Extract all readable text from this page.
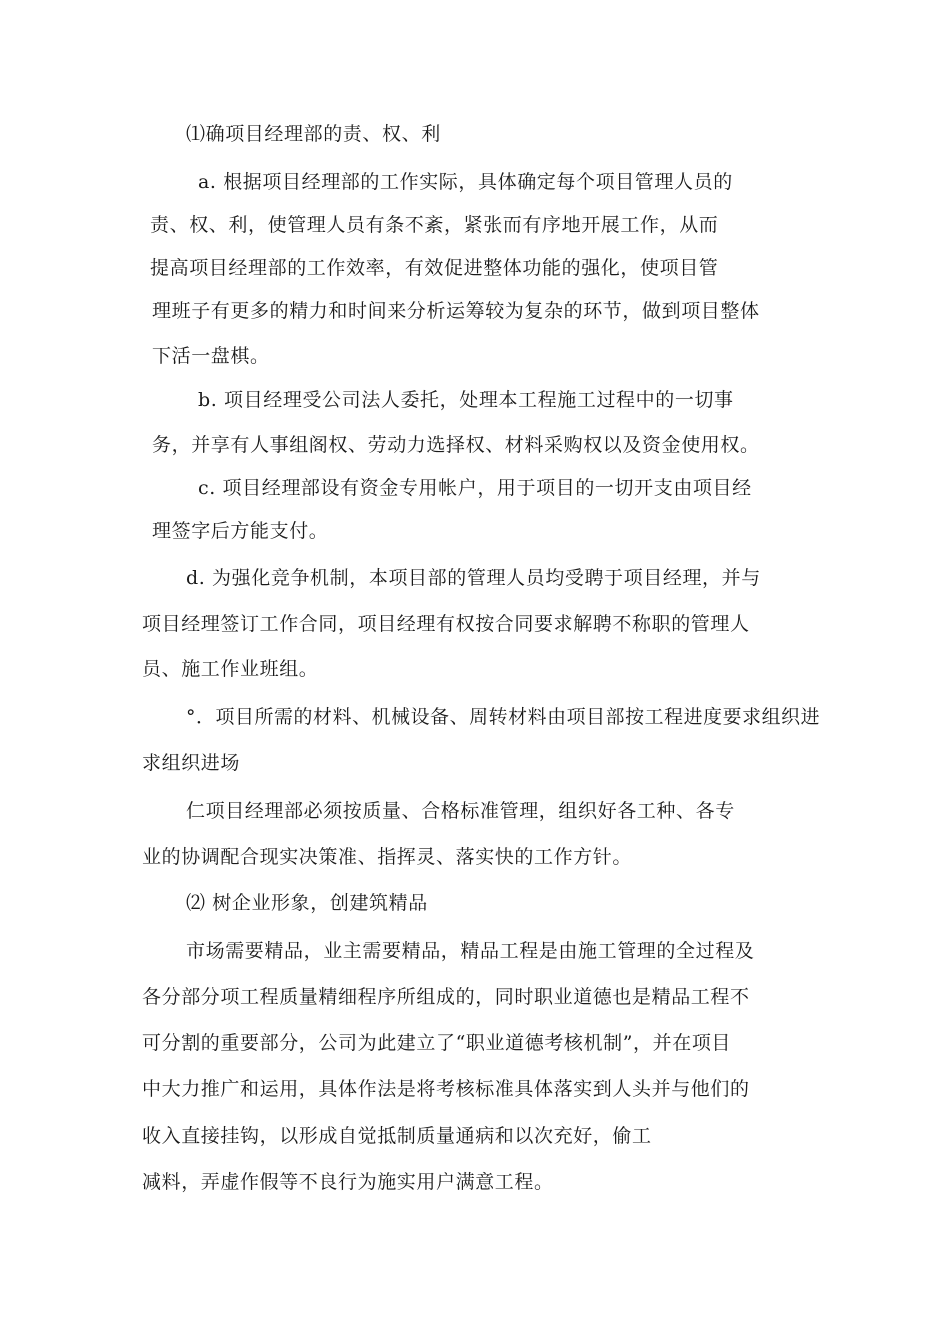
⑴确项目经理部的责、权、利
a. 根据项目经理部的工作实际，具体确定每个项目管理人员的
责、权、利，使管理人员有条不紊，紧张而有序地开展工作，从而
提高项目经理部的工作效率，有效促进整体功能的强化，使项目管
理班子有更多的精力和时间来分析运筹较为复杂的环节，做到项目整体
下活一盘棋。
b. 项目经理受公司法人委托，处理本工程施工过程中的一切事
务，并享有人事组阁权、劳动力选择权、材料采购权以及资金使用权。
c. 项目经理部设有资金专用帐户，用于项目的一切开支由项目经
理签字后方能支付。
d. 为强化竞争机制，本项目部的管理人员均受聘于项目经理，并与
项目经理签订工作合同，项目经理有权按合同要求解聘不称职的管理人
员、施工作业班组。
°．项目所需的材料、机械设备、周转材料由项目部按工程进度要求组织进
求组织进场
仁项目经理部必须按质量、合格标准管理，组织好各工种、各专
业的协调配合现实决策准、指挥灵、落实快的工作方针。
⑵ 树企业形象，创建筑精品
市场需要精品，业主需要精品，精品工程是由施工管理的全过程及
各分部分项工程质量精细程序所组成的，同时职业道德也是精品工程不
可分割的重要部分，公司为此建立了“职业道德考核机制”，并在项目
中大力推广和运用，具体作法是将考核标准具体落实到人头并与他们的
收入直接挂钩，以形成自觉抵制质量通病和以次充好，偷工
减料，弄虚作假等不良行为施实用户满意工程。
